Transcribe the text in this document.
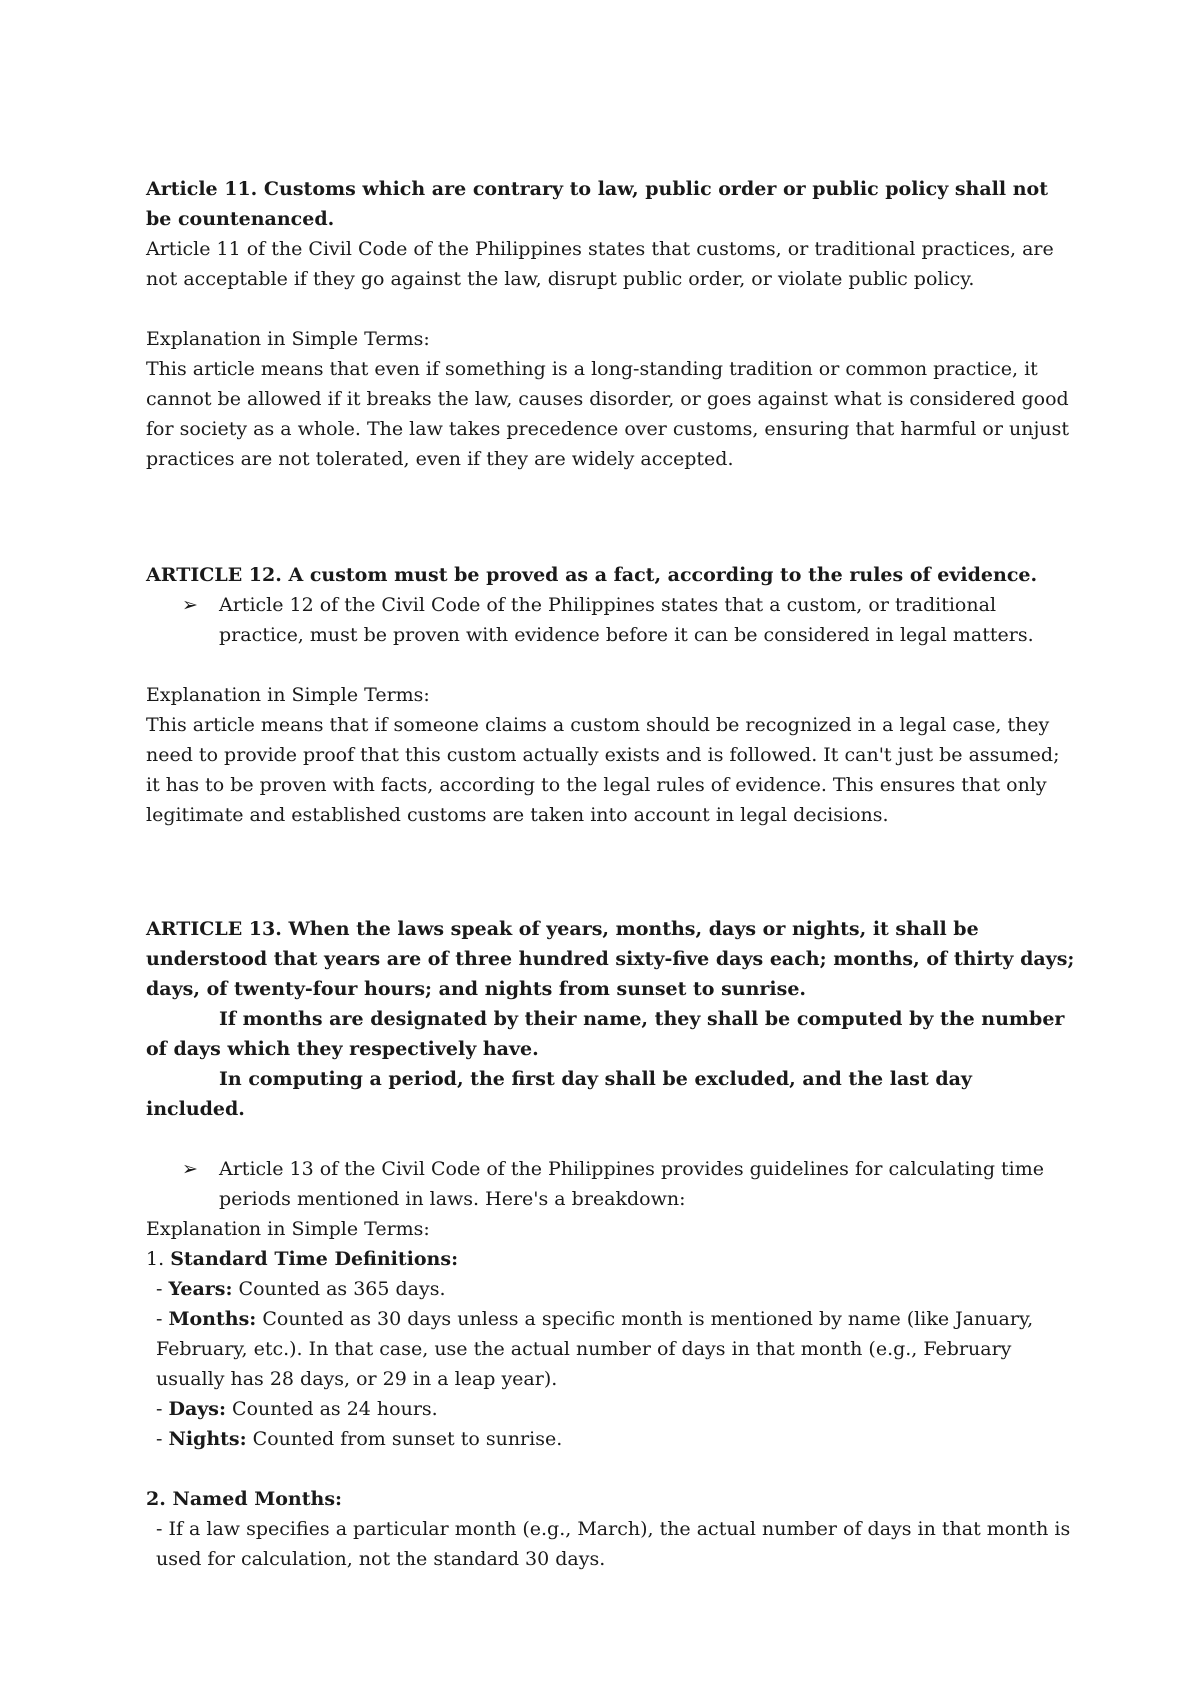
Article 11. Customs which are contrary to law, public order or public policy shall not be countenanced.

Article 11 of the Civil Code of the Philippines states that customs, or traditional practices, are not acceptable if they go against the law, disrupt public order, or violate public policy.

Explanation in Simple Terms:

This article means that even if something is a long-standing tradition or common practice, it cannot be allowed if it breaks the law, causes disorder, or goes against what is considered good for society as a whole. The law takes precedence over customs, ensuring that harmful or unjust practices are not tolerated, even if they are widely accepted.

ARTICLE 12. A custom must be proved as a fact, according to the rules of evidence.

➢ Article 12 of the Civil Code of the Philippines states that a custom, or traditional practice, must be proven with evidence before it can be considered in legal matters.

Explanation in Simple Terms:

This article means that if someone claims a custom should be recognized in a legal case, they need to provide proof that this custom actually exists and is followed. It can't just be assumed; it has to be proven with facts, according to the legal rules of evidence. This ensures that only legitimate and established customs are taken into account in legal decisions.

ARTICLE 13. When the laws speak of years, months, days or nights, it shall be understood that years are of three hundred sixty-five days each; months, of thirty days; days, of twenty-four hours; and nights from sunset to sunrise.

If months are designated by their name, they shall be computed by the number of days which they respectively have.

In computing a period, the first day shall be excluded, and the last day included.

➢ Article 13 of the Civil Code of the Philippines provides guidelines for calculating time periods mentioned in laws. Here's a breakdown:

Explanation in Simple Terms:

1. Standard Time Definitions:

- Years: Counted as 365 days.

- Months: Counted as 30 days unless a specific month is mentioned by name (like January, February, etc.). In that case, use the actual number of days in that month (e.g., February usually has 28 days, or 29 in a leap year).

- Days: Counted as 24 hours.

- Nights: Counted from sunset to sunrise.

2. Named Months:

- If a law specifies a particular month (e.g., March), the actual number of days in that month is used for calculation, not the standard 30 days.
